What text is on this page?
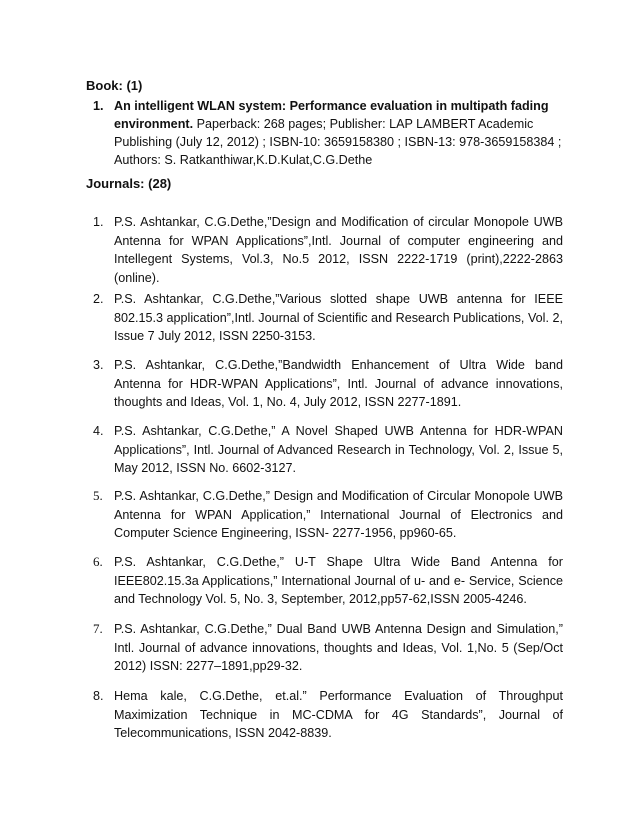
Book: (1)
1. An intelligent WLAN system: Performance evaluation in multipath fading environment. Paperback: 268 pages; Publisher: LAP LAMBERT Academic Publishing (July 12, 2012) ; ISBN-10: 3659158380 ; ISBN-13: 978-3659158384 ; Authors: S. Ratkanthiwar,K.D.Kulat,C.G.Dethe
Journals: (28)
1. P.S. Ashtankar, C.G.Dethe,”Design and Modification of circular Monopole UWB Antenna for WPAN Applications”,Intl. Journal of computer engineering and Intellegent Systems, Vol.3, No.5 2012, ISSN 2222-1719 (print),2222-2863 (online).
2. P.S. Ashtankar, C.G.Dethe,”Various slotted shape UWB antenna for IEEE 802.15.3 application”,Intl. Journal of Scientific and Research Publications, Vol. 2, Issue 7 July 2012, ISSN 2250-3153.
3. P.S. Ashtankar, C.G.Dethe,”Bandwidth Enhancement of Ultra Wide band Antenna for HDR-WPAN Applications”, Intl. Journal of advance innovations, thoughts and Ideas, Vol. 1, No. 4, July 2012, ISSN 2277-1891.
4. P.S. Ashtankar, C.G.Dethe,” A Novel Shaped UWB Antenna for HDR-WPAN Applications”, Intl. Journal of Advanced Research in Technology, Vol. 2, Issue 5, May 2012, ISSN No. 6602-3127.
5. P.S. Ashtankar, C.G.Dethe,” Design and Modification of Circular Monopole UWB Antenna for WPAN Application,” International Journal of Electronics and Computer Science Engineering, ISSN- 2277-1956, pp960-65.
6. P.S. Ashtankar, C.G.Dethe,” U-T Shape Ultra Wide Band Antenna for IEEE802.15.3a Applications,” International Journal of u- and e- Service, Science and Technology Vol. 5, No. 3, September, 2012,pp57-62,ISSN 2005-4246.
7. P.S. Ashtankar, C.G.Dethe,” Dual Band UWB Antenna Design and Simulation,” Intl. Journal of advance innovations, thoughts and Ideas, Vol. 1,No. 5 (Sep/Oct 2012) ISSN: 2277–1891,pp29-32.
8. Hema kale, C.G.Dethe, et.al.” Performance Evaluation of Throughput Maximization Technique in MC-CDMA for 4G Standards”, Journal of Telecommunications, ISSN 2042-8839.
